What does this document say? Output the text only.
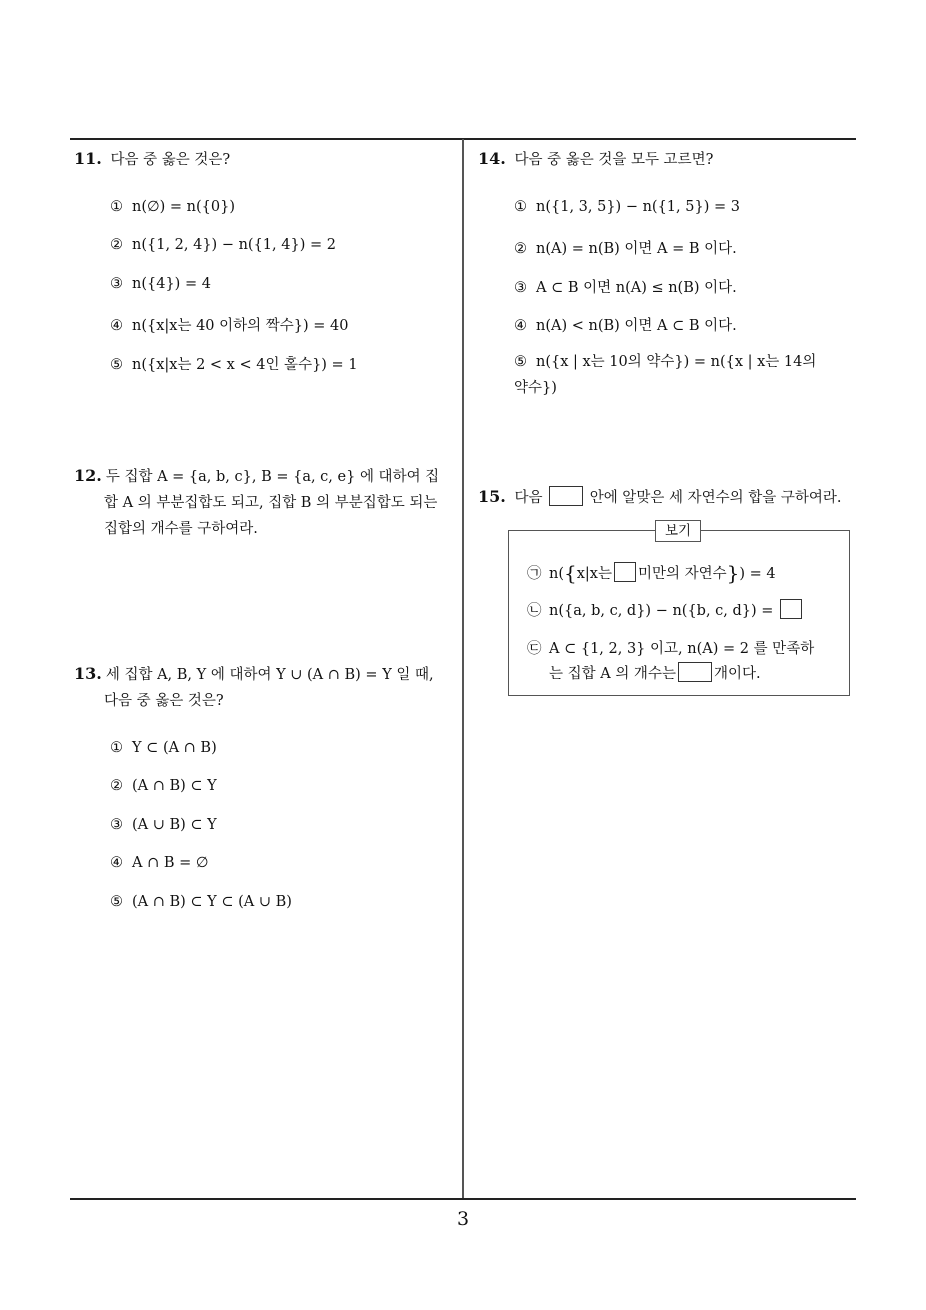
11. 다음 중 옳은 것은?
① n(∅) = n({0})
② n({1, 2, 4}) − n({1, 4}) = 2
③ n({4}) = 4
④ n({x|x는 40 이하의 짝수}) = 40
⑤ n({x|x는 2 < x < 4인 홀수}) = 1
12. 두 집합 A = {a, b, c}, B = {a, c, e} 에 대하여 집
합 A 의 부분집합도 되고, 집합 B 의 부분집합도 되는
집합의 개수를 구하여라.
13. 세 집합 A, B, Y 에 대하여 Y ∪ (A ∩ B) = Y 일 때,
다음 중 옳은 것은?
① Y ⊂ (A ∩ B)
② (A ∩ B) ⊂ Y
③ (A ∪ B) ⊂ Y
④ A ∩ B = ∅
⑤ (A ∩ B) ⊂ Y ⊂ (A ∪ B)
14. 다음 중 옳은 것을 모두 고르면?
① n({1, 3, 5}) − n({1, 5}) = 3
② n(A) = n(B) 이면 A = B 이다.
③ A ⊂ B 이면 n(A) ≤ n(B) 이다.
④ n(A) < n(B) 이면 A ⊂ B 이다.
⑤ n({x | x는 10의 약수}) = n({x | x는 14의 약수})
15. 다음	안에 알맞은 세 자연수의 합을 구하여라.
보기
㉠ n({x|x는 미만의 자연수}) = 4
㉡ n({a, b, c, d}) − n({b, c, d}) =
㉢ A ⊂ {1, 2, 3} 이고, n(A) = 2 를 만족하
는 집합 A 의 개수는	개이다.
3
